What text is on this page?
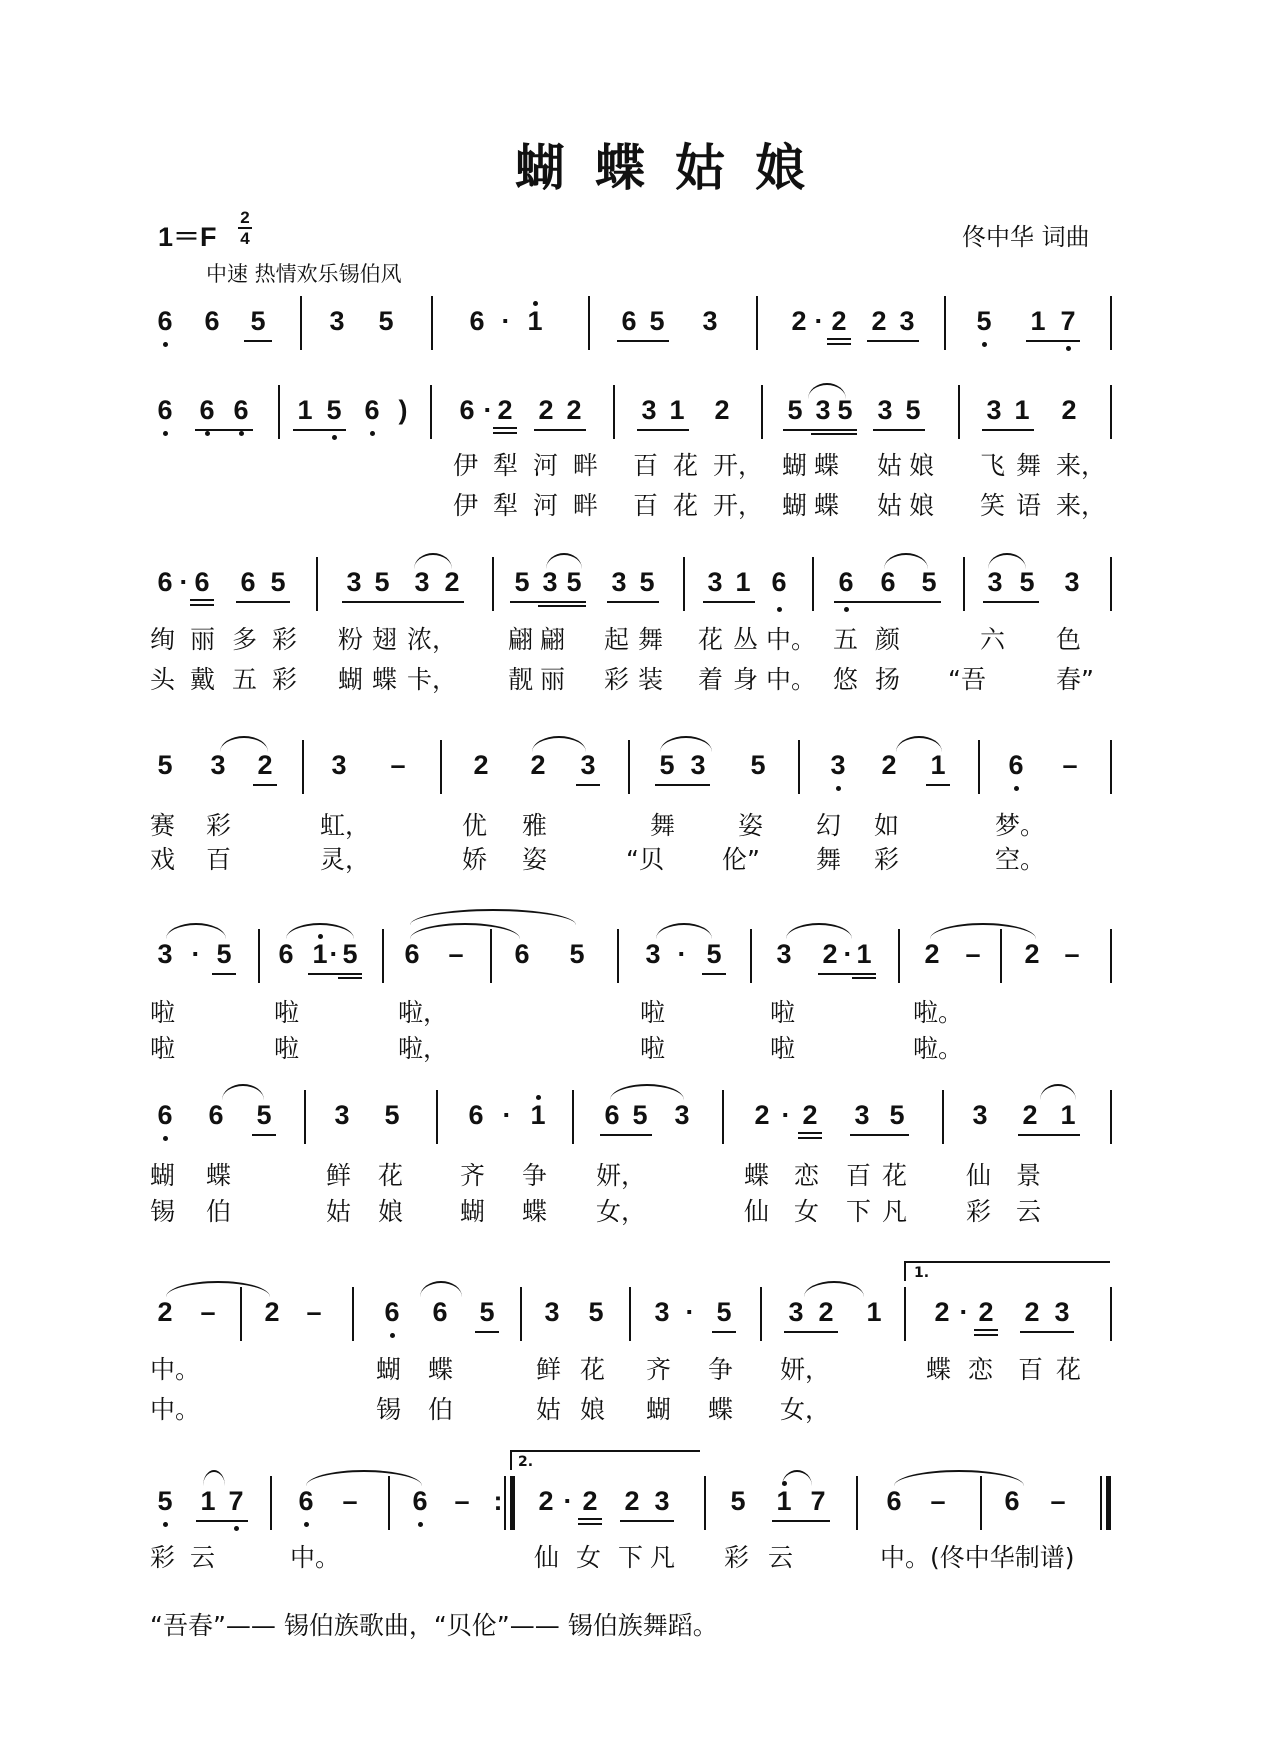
蝴蝶姑娘
1＝F
2
4	佟中华 词曲
中速 热情欢乐锡伯风
6 6 5 3 5	6 · 1	6 5 3	2 · 2 2 3 5 1 7
6 6 6 1 5 6 ) 6 · 2 2 2 3 1 2 5 3 5 3 5 3 1 2
伊 犁 河 畔 百 花 开， 蝴 蝶 姑 娘 飞 舞 来，
伊 犁 河 畔 百 花 开， 蝴 蝶 姑 娘 笑 语 来，
6 · 6 6 5 3 5 3 2 5 3 5 3 5 3 1 6 6 6 5 3 5 3
绚 丽 多 彩 粉 翅 浓， 翩 翩 起 舞 花 丛 中。 五 颜	六 色
头 戴 五 彩 蝴 蝶 卡， 靓 丽 彩 装 着 身 中。 悠 扬 “吾	春”
5 3 2 3 –	2 2 3 5 3 5 3 2 1 6 –
赛 彩	虹，	优 雅	舞	姿 幻 如	梦。
戏 百	灵，	娇 姿	“贝 伦” 舞 彩	空。
3 · 5 6 1 · 5 6 – 6 5 3 · 5 3 2 · 1 2 – 2 –
啦	啦	啦，	啦	啦	啦。
啦	啦	啦，	啦	啦	啦。
6 6 5 3 5	6 · 1 6 5 3 2 · 2 3 5	3 2 1
蝴 蝶	鲜 花 齐 争 妍，	蝶 恋 百 花 仙 景
锡 伯	姑 娘 蝴 蝶 女，	仙 女 下 凡 彩 云
1.
2 – 2 – 6 6 5 3 5 3 · 5 3 2 1 2 · 2 2 3
中。	蝴 蝶	鲜 花 齐 争 妍，	蝶 恋 百 花
中。	锡 伯	姑 娘 蝴 蝶 女，
2.
5 1 7 6 – 6 – : 2 · 2 2 3 5 1 7 6 – 6 –
彩 云	中。	仙 女 下 凡 彩 云	中。(佟中华制谱)
“吾春”—— 锡伯族歌曲，“贝伦”—— 锡伯族舞蹈。
